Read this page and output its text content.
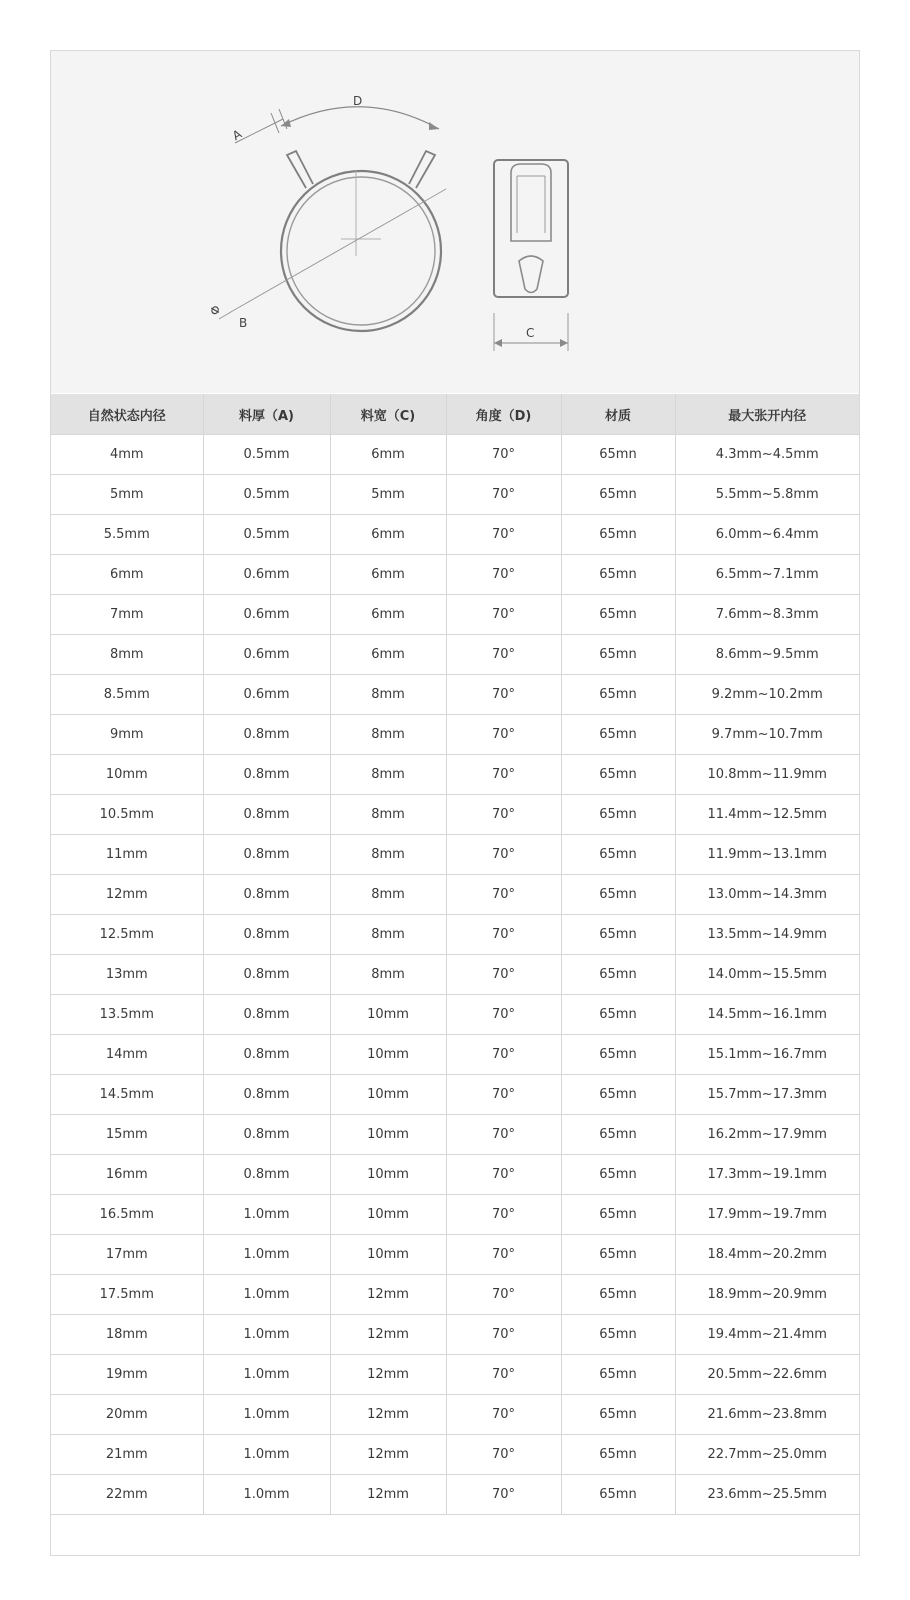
D
A
Φ
B
C
自然状态内径	料厚（A)	料宽（C)	角度（D)	材质	最大张开内径
4mm	0.5mm	6mm	70°	65mn	4.3mm~4.5mm
5mm	0.5mm	5mm	70°	65mn	5.5mm~5.8mm
5.5mm	0.5mm	6mm	70°	65mn	6.0mm~6.4mm
6mm	0.6mm	6mm	70°	65mn	6.5mm~7.1mm
7mm	0.6mm	6mm	70°	65mn	7.6mm~8.3mm
8mm	0.6mm	6mm	70°	65mn	8.6mm~9.5mm
8.5mm	0.6mm	8mm	70°	65mn	9.2mm~10.2mm
9mm	0.8mm	8mm	70°	65mn	9.7mm~10.7mm
10mm	0.8mm	8mm	70°	65mn	10.8mm~11.9mm
10.5mm	0.8mm	8mm	70°	65mn	11.4mm~12.5mm
11mm	0.8mm	8mm	70°	65mn	11.9mm~13.1mm
12mm	0.8mm	8mm	70°	65mn	13.0mm~14.3mm
12.5mm	0.8mm	8mm	70°	65mn	13.5mm~14.9mm
13mm	0.8mm	8mm	70°	65mn	14.0mm~15.5mm
13.5mm	0.8mm	10mm	70°	65mn	14.5mm~16.1mm
14mm	0.8mm	10mm	70°	65mn	15.1mm~16.7mm
14.5mm	0.8mm	10mm	70°	65mn	15.7mm~17.3mm
15mm	0.8mm	10mm	70°	65mn	16.2mm~17.9mm
16mm	0.8mm	10mm	70°	65mn	17.3mm~19.1mm
16.5mm	1.0mm	10mm	70°	65mn	17.9mm~19.7mm
17mm	1.0mm	10mm	70°	65mn	18.4mm~20.2mm
17.5mm	1.0mm	12mm	70°	65mn	18.9mm~20.9mm
18mm	1.0mm	12mm	70°	65mn	19.4mm~21.4mm
19mm	1.0mm	12mm	70°	65mn	20.5mm~22.6mm
20mm	1.0mm	12mm	70°	65mn	21.6mm~23.8mm
21mm	1.0mm	12mm	70°	65mn	22.7mm~25.0mm
22mm	1.0mm	12mm	70°	65mn	23.6mm~25.5mm
